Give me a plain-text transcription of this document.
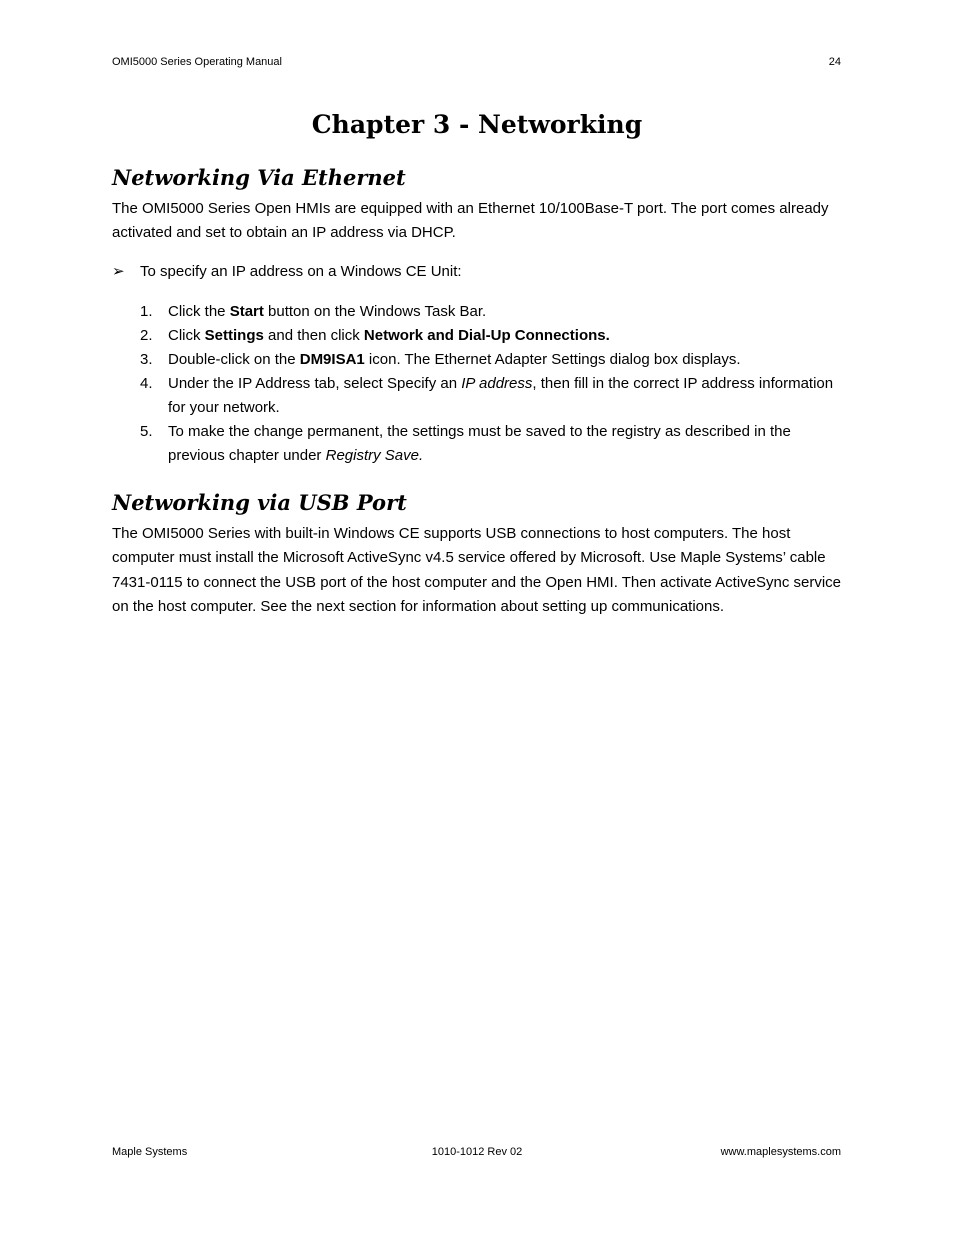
OMI5000 Series Operating Manual	24
Chapter 3 - Networking
Networking Via Ethernet

The OMI5000 Series Open HMIs are equipped with an Ethernet 10/100Base-T port. The port comes already activated and set to obtain an IP address via DHCP.

➢ To specify an IP address on a Windows CE Unit:
1. Click the Start button on the Windows Task Bar.
2. Click Settings and then click Network and Dial-Up Connections.
3. Double-click on the DM9ISA1 icon. The Ethernet Adapter Settings dialog box displays.
4. Under the IP Address tab, select Specify an IP address, then fill in the correct IP address information for your network.
5. To make the change permanent, the settings must be saved to the registry as described in the previous chapter under Registry Save.
Networking via USB Port

The OMI5000 Series with built-in Windows CE supports USB connections to host computers. The host computer must install the Microsoft ActiveSync v4.5 service offered by Microsoft. Use Maple Systems’ cable 7431-0115 to connect the USB port of the host computer and the Open HMI. Then activate ActiveSync service on the host computer. See the next section for information about setting up communications.

Maple Systems	1010-1012 Rev 02	www.maplesystems.com
